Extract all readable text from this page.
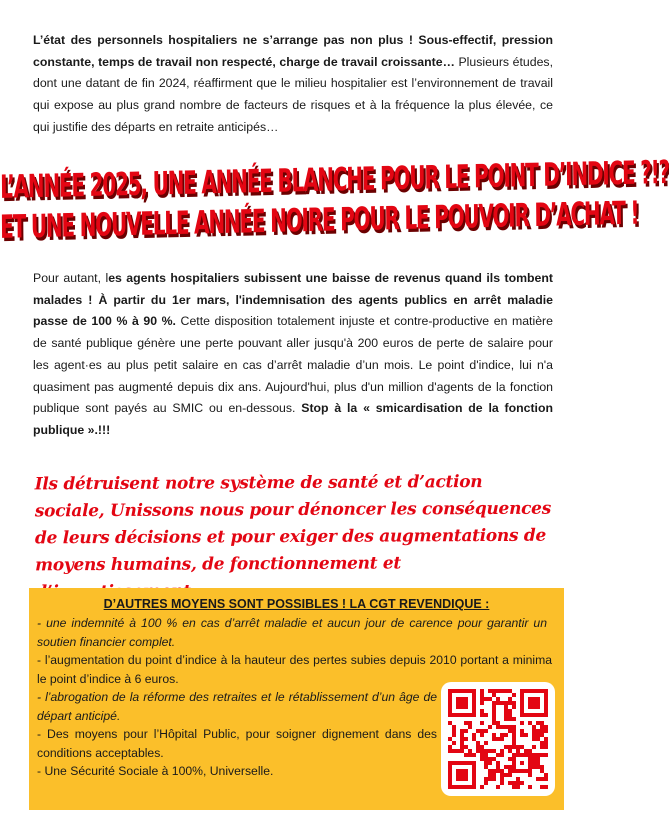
L’état des personnels hospitaliers ne s’arrange pas non plus ! Sous-effectif, pression constante, temps de travail non respecté, charge de travail croissante… Plusieurs études, dont une datant de fin 2024, réaffirment que le milieu hospitalier est l’environnement de travail qui expose au plus grand nombre de facteurs de risques et à la fréquence la plus élevée, ce qui justifie des départs en retraite anticipés…

L’ANNÉE 2025, UNE ANNÉE BLANCHE POUR LE POINT D’INDICE ?!?
ET UNE NOUVELLE ANNÉE NOIRE POUR LE POUVOIR D’ACHAT !

Pour autant, les agents hospitaliers subissent une baisse de revenus quand ils tombent malades ! À partir du 1er mars, l'indemnisation des agents publics en arrêt maladie passe de 100 % à 90 %. Cette disposition totalement injuste et contre-productive en matière de santé publique génère une perte pouvant aller jusqu'à 200 euros de perte de salaire pour les agent·es au plus petit salaire en cas d’arrêt maladie d’un mois. Le point d'indice, lui n'a quasiment pas augmenté depuis dix ans. Aujourd'hui, plus d'un million d'agents de la fonction publique sont payés au SMIC ou en-dessous. Stop à la « smicardisation de la fonction publique ».!!!

Ils détruisent notre système de santé et d’action sociale, Unissons nous pour dénoncer les conséquences de leurs décisions et pour exiger des augmentations de moyens humains, de fonctionnement et

D’AUTRES MOYENS SONT POSSIBLES ! LA CGT REVENDIQUE :

- une indemnité à 100 % en cas d’arrêt maladie et aucun jour de carence pour garantir un soutien financier complet.

- l’augmentation du point d’indice à la hauteur des pertes subies depuis 2010 portant a minima le point d’indice à 6 euros.

- l’abrogation de la réforme des retraites et le rétablissement d’un âge de départ anticipé.

- Des moyens pour l’Hôpital Public, pour soigner dignement dans des conditions acceptables.

- Une Sécurité Sociale à 100%, Universelle.
